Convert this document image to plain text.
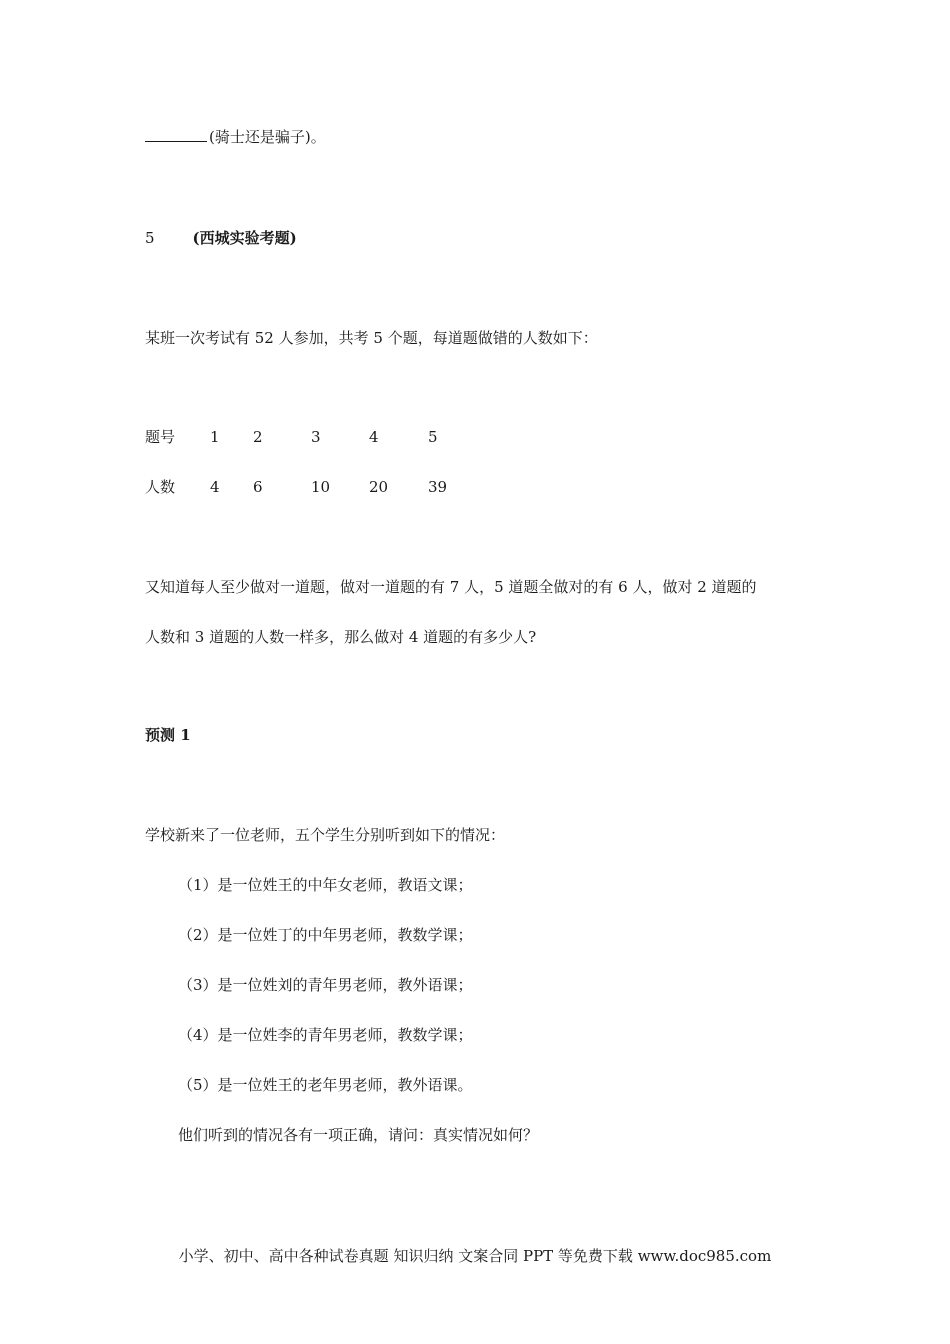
(骑士还是骗子)。
5	(西城实验考题)
某班一次考试有 52 人参加，共考 5 个题，每道题做错的人数如下：
题号 1 2	3	4	5
人数 4 6	10	20	39
又知道每人至少做对一道题，做对一道题的有 7 人，5 道题全做对的有 6 人，做对 2 道题的
人数和 3 道题的人数一样多，那么做对 4 道题的有多少人?
预测 1
学校新来了一位老师，五个学生分别听到如下的情况：
（1）是一位姓王的中年女老师，教语文课；
（2）是一位姓丁的中年男老师，教数学课；
（3）是一位姓刘的青年男老师，教外语课；
（4）是一位姓李的青年男老师，教数学课；
（5）是一位姓王的老年男老师，教外语课。
他们听到的情况各有一项正确，请问：真实情况如何？
小学、初中、高中各种试卷真题 知识归纳 文案合同 PPT 等免费下载 www.doc985.com
